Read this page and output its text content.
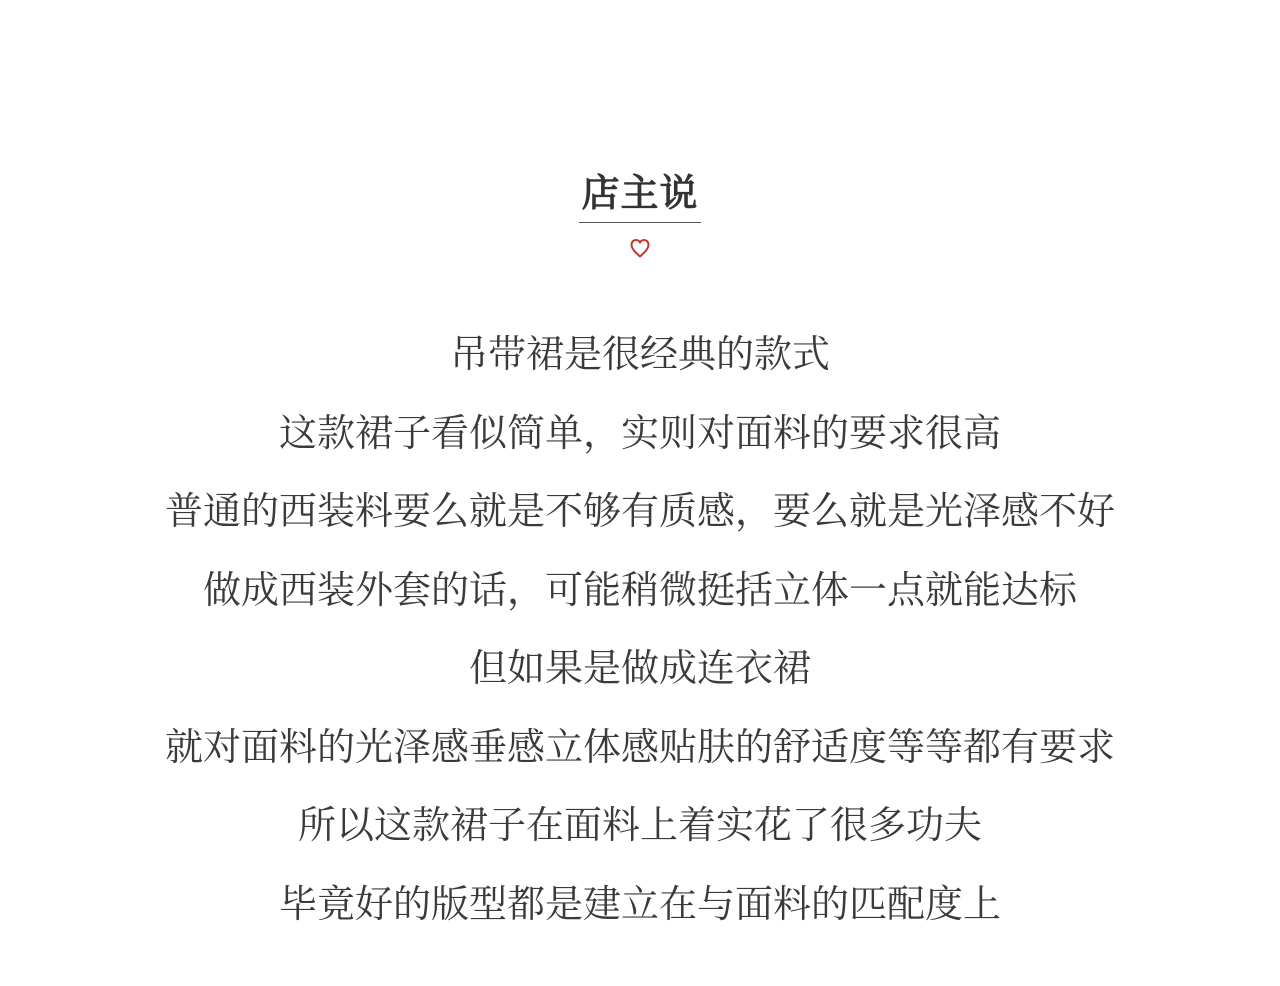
店主说
吊带裙是很经典的款式
这款裙子看似简单，实则对面料的要求很高
普通的西装料要么就是不够有质感，要么就是光泽感不好
做成西装外套的话，可能稍微挺括立体一点就能达标
但如果是做成连衣裙
就对面料的光泽感垂感立体感贴肤的舒适度等等都有要求
所以这款裙子在面料上着实花了很多功夫
毕竟好的版型都是建立在与面料的匹配度上
